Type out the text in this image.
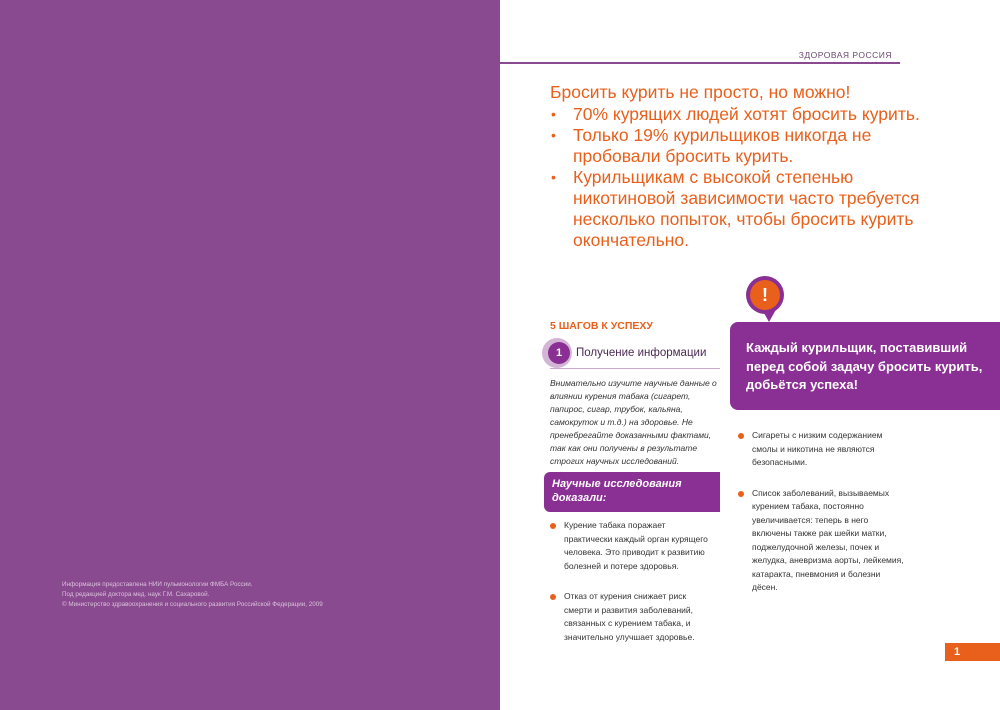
Информация предоставлена НИИ пульмонологии ФМБА России.
Под редакцией доктора мед. наук Г.М. Сахаровой.
© Министерство здравоохранения и социального развития Российской Федерации, 2009
ЗДОРОВАЯ РОССИЯ
Бросить курить не просто, но можно!
• 70% курящих людей хотят бросить курить.
• Только 19% курильщиков никогда не пробовали бросить курить.
• Курильщикам с высокой степенью никотиновой зависимости часто требуется несколько попыток, чтобы бросить курить окончательно.
5 ШАГОВ К УСПЕХУ
1	Получение информации
Внимательно изучите научные данные о влиянии курения табака (сигарет, папирос, сигар, трубок, кальяна, самокруток и т.д.) на здоровье. Не пренебрегайте доказанными фактами, так как они получены в результате строгих научных исследований.
Научные исследования доказали:
Курение табака поражает практически каждый орган курящего человека. Это приводит к развитию болезней и потере здоровья.
Отказ от курения снижает риск смерти и развития заболеваний, связанных с курением табака, и значительно улучшает здоровье.
!
Каждый курильщик, поставивший перед собой задачу бросить курить, добьётся успеха!
Сигареты с низким содержанием смолы и никотина не являются безопасными.
Список заболеваний, вызываемых курением табака, постоянно увеличивается: теперь в него включены также рак шейки матки, поджелудочной железы, почек и желудка, аневризма аорты, лейкемия, катаракта, пневмония и болезни дёсен.
1
